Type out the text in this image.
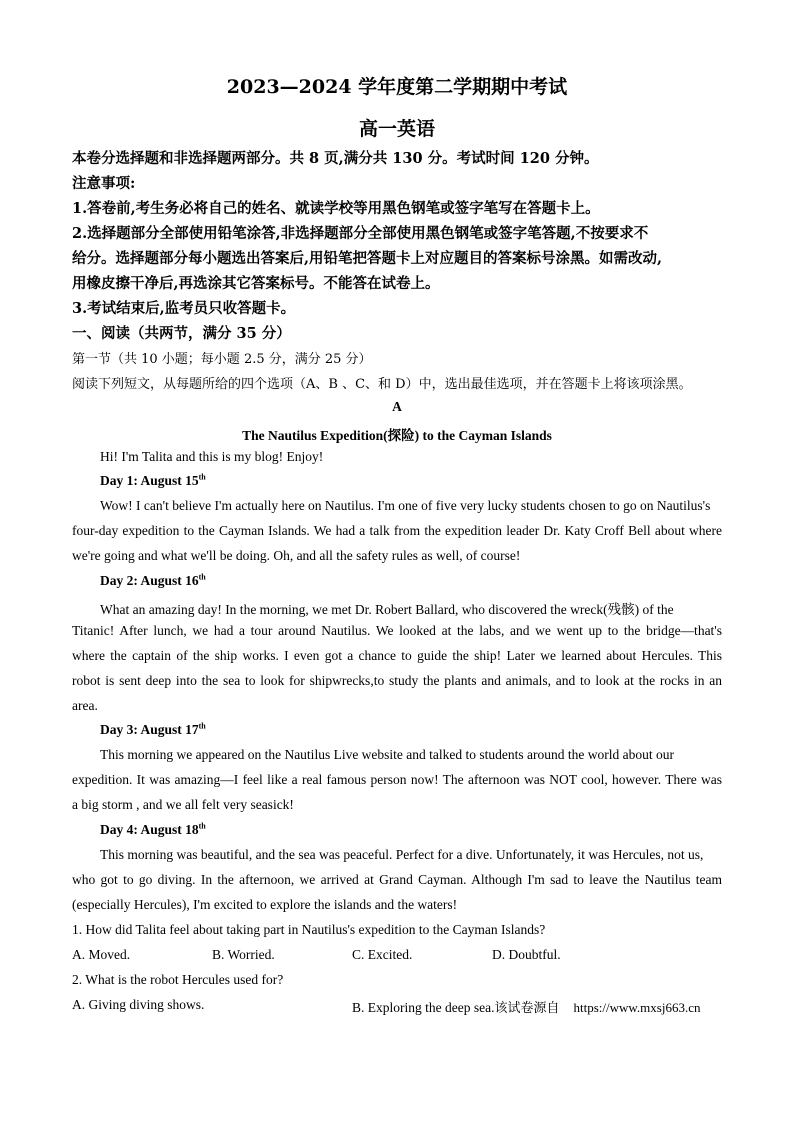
2023—2024 学年度第二学期期中考试
高一英语
本卷分选择题和非选择题两部分。共 8 页,满分共 130 分。考试时间 120 分钟。
注意事项:
1.答卷前,考生务必将自己的姓名、就读学校等用黑色钢笔或签字笔写在答题卡上。
2.选择题部分全部使用铅笔涂答,非选择题部分全部使用黑色钢笔或签字笔答题,不按要求不
给分。选择题部分每小题选出答案后,用铅笔把答题卡上对应题目的答案标号涂黑。如需改动,
用橡皮擦干净后,再选涂其它答案标号。不能答在试卷上。
3.考试结束后,监考员只收答题卡。
一、阅读（共两节，满分 35 分）
第一节（共 10 小题；每小题 2.5 分，满分 25 分）
阅读下列短文，从每题所给的四个选项（A、B 、C、和 D）中，选出最佳选项，并在答题卡上将该项涂黑。
A
The Nautilus Expedition(探险) to the Cayman Islands
Hi! I'm Talita and this is my blog! Enjoy!
Day 1: August 15th
Wow! I can't believe I'm actually here on Nautilus. I'm one of five very lucky students chosen to go on Nautilus's
four-day expedition to the Cayman Islands. We had a talk from the expedition leader Dr. Katy Croff Bell about where
we're going and what we'll be doing. Oh, and all the safety rules as well, of course!
Day 2: August 16th
What an amazing day! In the morning, we met Dr. Robert Ballard, who discovered the wreck(残骸) of the
Titanic! After lunch, we had a tour around Nautilus. We looked at the labs, and we went up to the bridge—that's
where the captain of the ship works. I even got a chance to guide the ship! Later we learned about Hercules. This
robot is sent deep into the sea to look for shipwrecks,to study the plants and animals, and to look at the rocks in an
area.
Day 3: August 17th
This morning we appeared on the Nautilus Live website and talked to students around the world about our
expedition. It was amazing—I feel like a real famous person now! The afternoon was NOT cool, however. There was
a big storm , and we all felt very seasick!
Day 4: August 18th
This morning was beautiful, and the sea was peaceful. Perfect for a dive. Unfortunately, it was Hercules, not us,
who got to go diving. In the afternoon, we arrived at Grand Cayman. Although I'm sad to leave the Nautilus team
(especially Hercules), I'm excited to explore the islands and the waters!
1. How did Talita feel about taking part in Nautilus's expedition to the Cayman Islands?
A. Moved.	B. Worried.	C. Excited.	D. Doubtful.
2. What is the robot Hercules used for?
A. Giving diving shows.	B. Exploring the deep sea.该试卷源自 https://www.mxsj663.cn
